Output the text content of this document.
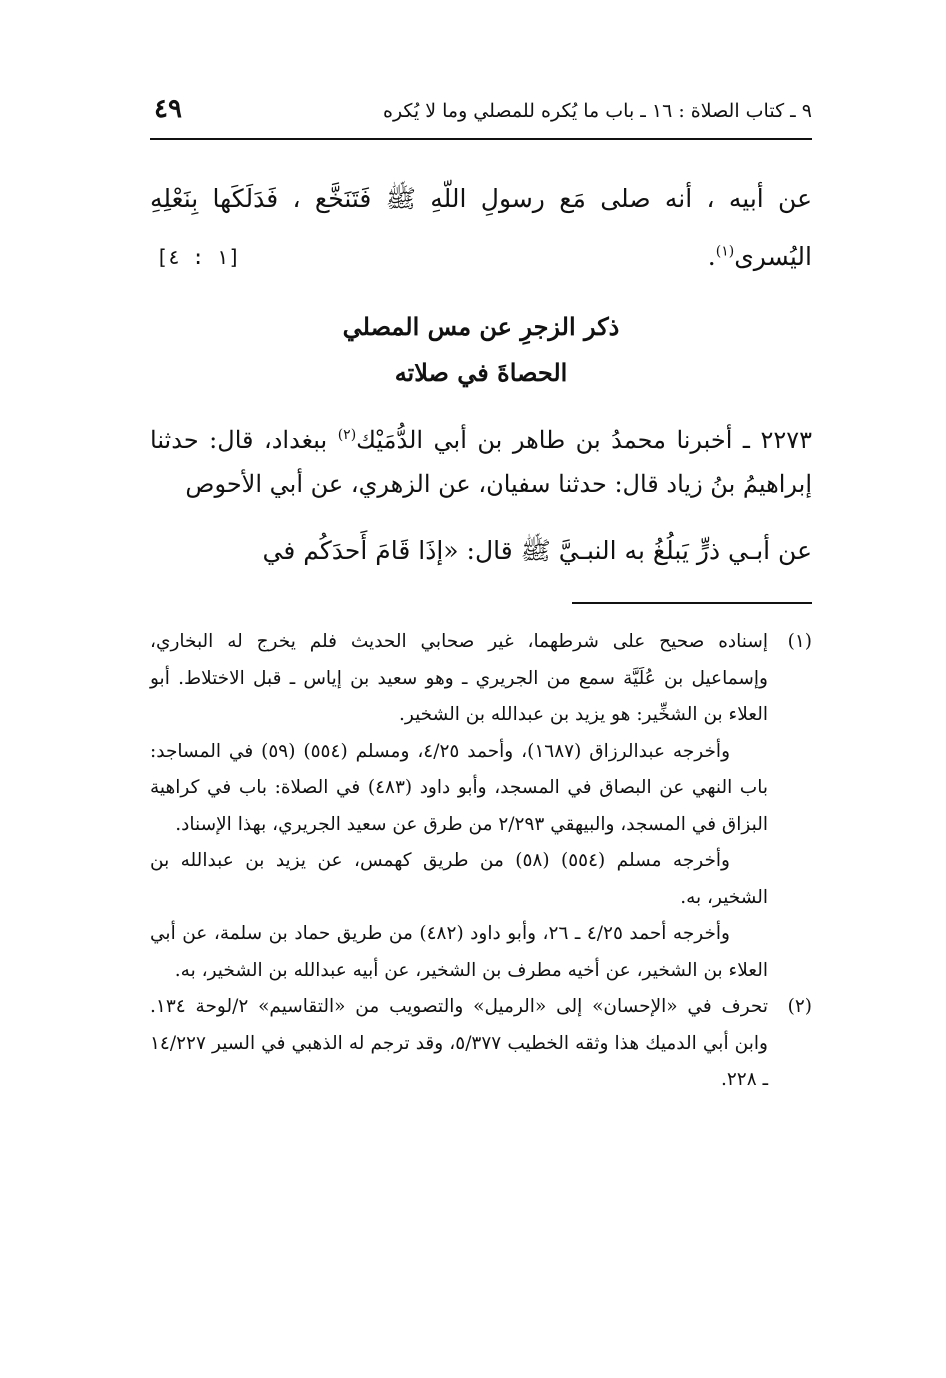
٩ ـ كتاب الصلاة : ١٦ ـ باب ما يُكره للمصلي وما لا يُكره
٤٩
عن أبيه ، أنه صلى مَع رسولِ اللّهِ ﷺ فَتَنَخَّع ، فَدَلَكَها بِنَعْلِهِ اليُسرى$^{(١)}$.
[١ : ٤]
ذكر الزجرِ عن مس المصلي
الحصاةَ في صلاته
٢٢٧٣ ـ أخبرنا محمدُ بن طاهر بن أبي الدُّمَيْك$^{(٢)}$ ببغداد، قال: حدثنا إبراهيمُ بنُ زياد قال: حدثنا سفيان، عن الزهري، عن أبي الأحوص
عن أبـي ذرٍّ يَبلُغُ به النبـيَّ ﷺ قال: «إذَا قَامَ أَحدَكُم في
(١)
إسناده صحيح على شرطهما، غير صحابي الحديث فلم يخرج له البخاري، وإسماعيل بن عُلَيَّة سمع من الجريري ـ وهو سعيد بن إياس ـ قبل الاختلاط. أبو العلاء بن الشخِّير: هو يزيد بن عبدالله بن الشخير.
وأخرجه عبدالرزاق (١٦٨٧)، وأحمد ٤/٢٥، ومسلم (٥٥٤) (٥٩) في المساجد: باب النهي عن البصاق في المسجد، وأبو داود (٤٨٣) في الصلاة: باب في كراهية البزاق في المسجد، والبيهقي ٢/٢٩٣ من طرق عن سعيد الجريري، بهذا الإسناد.
وأخرجه مسلم (٥٥٤) (٥٨) من طريق كهمس، عن يزيد بن عبدالله بن الشخير، به.
وأخرجه أحمد ٤/٢٥ ـ ٢٦، وأبو داود (٤٨٢) من طريق حماد بن سلمة، عن أبي العلاء بن الشخير، عن أخيه مطرف بن الشخير، عن أبيه عبدالله بن الشخير، به.
(٢)
تحرف في «الإحسان» إلى «الرميل» والتصويب من «التقاسيم» ٢/لوحة ١٣٤. وابن أبي الدميك هذا وثقه الخطيب ٥/٣٧٧، وقد ترجم له الذهبي في السير ١٤/٢٢٧ ـ ٢٢٨.
